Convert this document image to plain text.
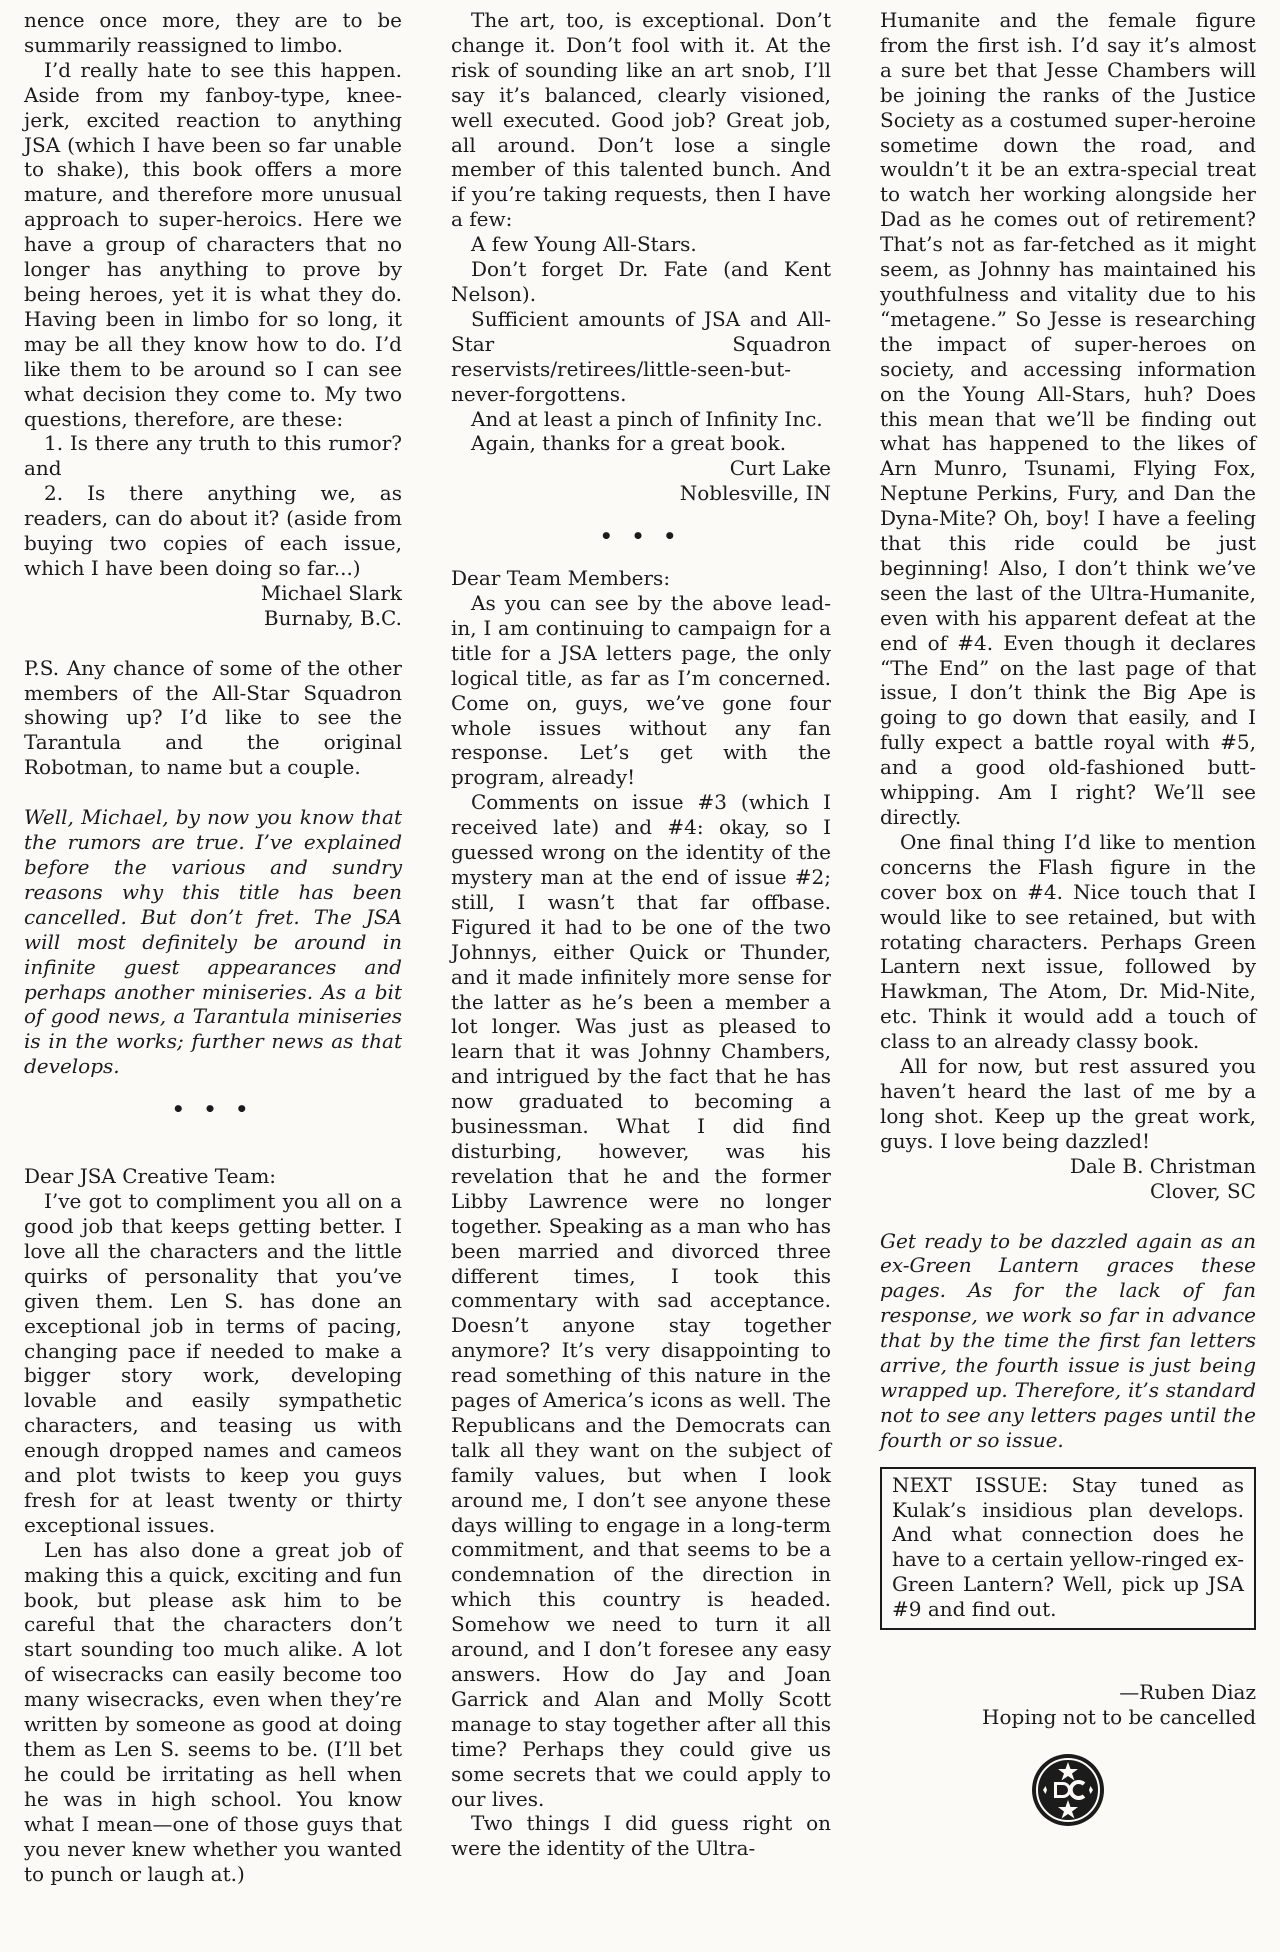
nence once more, they are to be summarily reassigned to limbo.

I’d really hate to see this happen. Aside from my fanboy-type, knee-jerk, excited reaction to anything JSA (which I have been so far unable to shake), this book offers a more mature, and therefore more unusual approach to super-heroics. Here we have a group of characters that no longer has anything to prove by being heroes, yet it is what they do. Having been in limbo for so long, it may be all they know how to do. I’d like them to be around so I can see what decision they come to. My two questions, therefore, are these:

1. Is there any truth to this rumor? and

2. Is there anything we, as readers, can do about it? (aside from buying two copies of each issue, which I have been doing so far...)

Michael Slark

Burnaby, B.C.

P.S. Any chance of some of the other members of the All-Star Squadron showing up? I’d like to see the Tarantula and the original Robotman, to name but a couple.

Well, Michael, by now you know that the rumors are true. I’ve explained before the various and sundry reasons why this title has been cancelled. But don’t fret. The JSA will most definitely be around in infinite guest appearances and perhaps another miniseries. As a bit of good news, a Tarantula miniseries is in the works; further news as that develops.

• • •

Dear JSA Creative Team:

I’ve got to compliment you all on a good job that keeps getting better. I love all the characters and the little quirks of personality that you’ve given them. Len S. has done an exceptional job in terms of pacing, changing pace if needed to make a bigger story work, developing lovable and easily sympathetic characters, and teasing us with enough dropped names and cameos and plot twists to keep you guys fresh for at least twenty or thirty exceptional issues.

Len has also done a great job of making this a quick, exciting and fun book, but please ask him to be careful that the characters don’t start sounding too much alike. A lot of wisecracks can easily become too many wisecracks, even when they’re written by someone as good at doing them as Len S. seems to be. (I’ll bet he could be irritating as hell when he was in high school. You know what I mean—one of those guys that you never knew whether you wanted to punch or laugh at.)

The art, too, is exceptional. Don’t change it. Don’t fool with it. At the risk of sounding like an art snob, I’ll say it’s balanced, clearly visioned, well executed. Good job? Great job, all around. Don’t lose a single member of this talented bunch. And if you’re taking requests, then I have a few:

A few Young All-Stars.

Don’t forget Dr. Fate (and Kent Nelson).

Sufficient amounts of JSA and All-Star Squadron reservists/retirees/little-seen-but-never-forgottens.

And at least a pinch of Infinity Inc.

Again, thanks for a great book.

Curt Lake

Noblesville, IN

• • •

Dear Team Members:

As you can see by the above lead-in, I am continuing to campaign for a title for a JSA letters page, the only logical title, as far as I’m concerned. Come on, guys, we’ve gone four whole issues without any fan response. Let’s get with the program, already!

Comments on issue #3 (which I received late) and #4: okay, so I guessed wrong on the identity of the mystery man at the end of issue #2; still, I wasn’t that far offbase. Figured it had to be one of the two Johnnys, either Quick or Thunder, and it made infinitely more sense for the latter as he’s been a member a lot longer. Was just as pleased to learn that it was Johnny Chambers, and intrigued by the fact that he has now graduated to becoming a businessman. What I did find disturbing, however, was his revelation that he and the former Libby Lawrence were no longer together. Speaking as a man who has been married and divorced three different times, I took this commentary with sad acceptance. Doesn’t anyone stay together anymore? It’s very disappointing to read something of this nature in the pages of America’s icons as well. The Republicans and the Democrats can talk all they want on the subject of family values, but when I look around me, I don’t see anyone these days willing to engage in a long-term commitment, and that seems to be a condemnation of the direction in which this country is headed. Somehow we need to turn it all around, and I don’t foresee any easy answers. How do Jay and Joan Garrick and Alan and Molly Scott manage to stay together after all this time? Perhaps they could give us some secrets that we could apply to our lives.

Two things I did guess right on were the identity of the Ultra-

Humanite and the female figure from the first ish. I’d say it’s almost a sure bet that Jesse Chambers will be joining the ranks of the Justice Society as a costumed super-heroine sometime down the road, and wouldn’t it be an extra-special treat to watch her working alongside her Dad as he comes out of retirement? That’s not as far-fetched as it might seem, as Johnny has maintained his youthfulness and vitality due to his “metagene.” So Jesse is researching the impact of super-heroes on society, and accessing information on the Young All-Stars, huh? Does this mean that we’ll be finding out what has happened to the likes of Arn Munro, Tsunami, Flying Fox, Neptune Perkins, Fury, and Dan the Dyna-Mite? Oh, boy! I have a feeling that this ride could be just beginning! Also, I don’t think we’ve seen the last of the Ultra-Humanite, even with his apparent defeat at the end of #4. Even though it declares “The End” on the last page of that issue, I don’t think the Big Ape is going to go down that easily, and I fully expect a battle royal with #5, and a good old-fashioned butt-whipping. Am I right? We’ll see directly.

One final thing I’d like to mention concerns the Flash figure in the cover box on #4. Nice touch that I would like to see retained, but with rotating characters. Perhaps Green Lantern next issue, followed by Hawkman, The Atom, Dr. Mid-Nite, etc. Think it would add a touch of class to an already classy book.

All for now, but rest assured you haven’t heard the last of me by a long shot. Keep up the great work, guys. I love being dazzled!

Dale B. Christman

Clover, SC

Get ready to be dazzled again as an ex-Green Lantern graces these pages. As for the lack of fan response, we work so far in advance that by the time the first fan letters arrive, the fourth issue is just being wrapped up. Therefore, it’s standard not to see any letters pages until the fourth or so issue.

NEXT ISSUE: Stay tuned as Kulak’s insidious plan develops. And what connection does he have to a certain yellow-ringed ex-Green Lantern? Well, pick up JSA #9 and find out.

—Ruben Diaz

Hoping not to be cancelled
